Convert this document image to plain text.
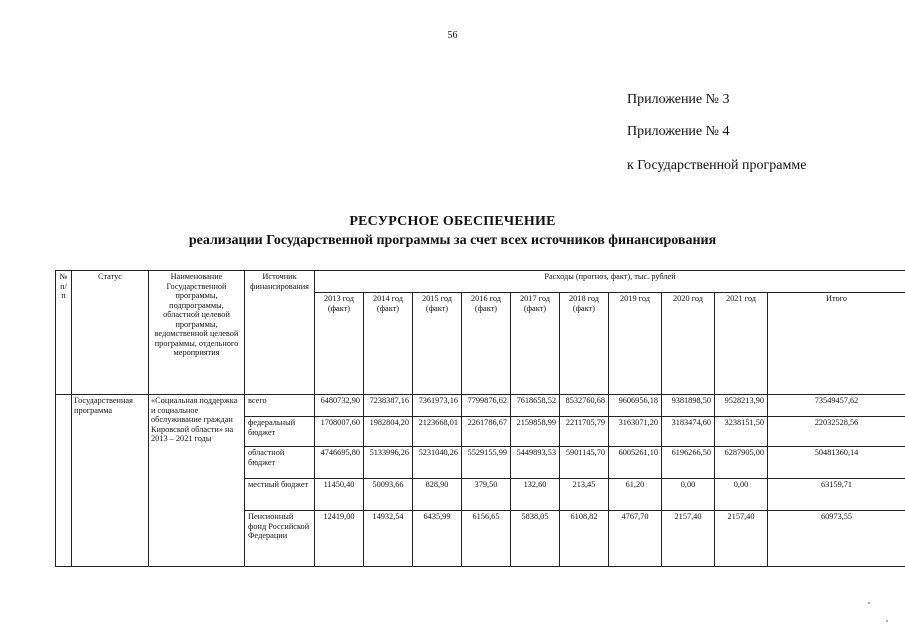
56
Приложение № 3
Приложение № 4
к Государственной программе
РЕСУРСНОЕ ОБЕСПЕЧЕНИЕ
реализации Государственной программы за счет всех источников финансирования
№ п/п	Статус	Наименование Государственной программы, подпрограммы, областной целевой программы, ведомственной целевой программы, отдельного мероприятия	Источник финансирования	Расходы (прогноз, факт), тыс. рублей									
				2013 год (факт)	2014 год (факт)	2015 год (факт)	2016 год (факт)	2017 год (факт)	2018 год (факт)	2019 год	2020 год	2021 год	Итого
	Государственная программа	«Социальная поддержка и социальное обслуживание граждан Кировской области» на 2013 – 2021 годы	всего	6480732,90	7238387,16	7361973,16	7799876,62	7618658,52	8532760,68	9606956,18	9381898,50	9528213,90	73549457,62
			федеральный бюджет	1708007,60	1982804,20	2123668,01	2261786,67	2159858,99	2211705,79	3163071,20	3183474,60	3238151,50	22032528,56
			областной бюджет	4746695,80	5133996,26	5231040,26	5529155,99	5449893,53	5901145,70	6005261,10	6196266,50	6287905,00	50481360,14
			местный бюджет	11450,40	50093,66	828,90	379,50	132,60	213,45	61,20	0,00	0,00	63159,71
			Пенсионный фонд Российской Федерации	12419,00	14932,54	6435,99	6156,65	5838,05	6108,82	4767,70	2157,40	2157,40	60973,55
